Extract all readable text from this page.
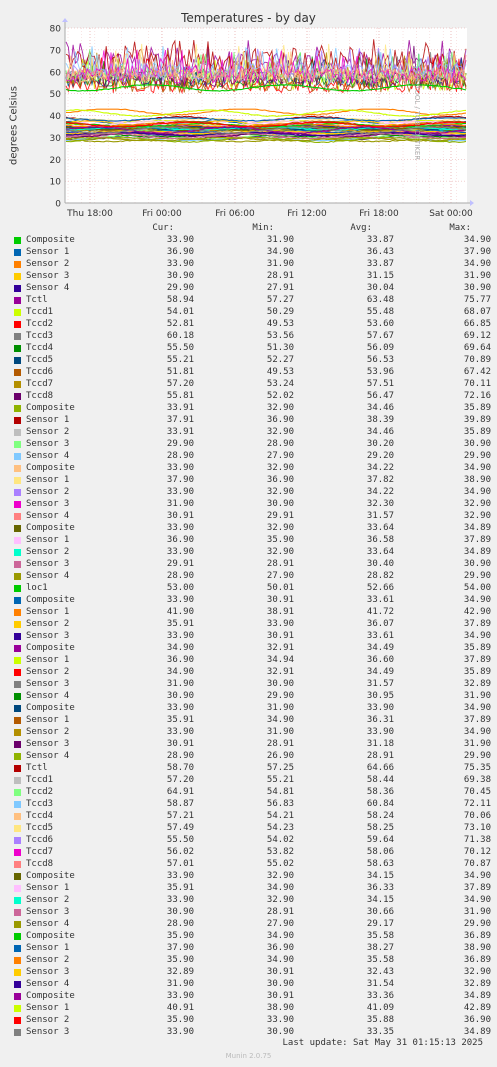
0
10
20
30
40
50
60
70
80
Thu 18:00	Fri 00:00	Fri 06:00	Fri 12:00	Fri 18:00	Sat 00:00
Temperatures - by day
degrees Celsius	RRDTOOL / TOBI OETIKER
Cur:	Min:	Avg:	Max:
Composite	33.90	31.90	33.87	34.90
Sensor 1	36.90	34.90	36.43	37.90
Sensor 2	33.90	31.90	33.87	34.90
Sensor 3	30.90	28.91	31.15	31.90
Sensor 4	29.90	27.91	30.04	30.90
Tctl	58.94	57.27	63.48	75.77
Tccd1	54.01	50.29	55.48	68.07
Tccd2	52.81	49.53	53.60	66.85
Tccd3	60.18	53.56	57.67	69.12
Tccd4	55.50	51.30	56.09	69.64
Tccd5	55.21	52.27	56.53	70.89
Tccd6	51.81	49.53	53.96	67.42
Tccd7	57.20	53.24	57.51	70.11
Tccd8	55.81	52.02	56.47	72.16
Composite	33.91	32.90	34.46	35.89
Sensor 1	37.91	36.90	38.39	39.89
Sensor 2	33.91	32.90	34.46	35.89
Sensor 3	29.90	28.90	30.20	30.90
Sensor 4	28.90	27.90	29.20	29.90
Composite	33.90	32.90	34.22	34.90
Sensor 1	37.90	36.90	37.82	38.90
Sensor 2	33.90	32.90	34.22	34.90
Sensor 3	31.90	30.90	32.30	32.90
Sensor 4	30.91	29.91	31.57	32.90
Composite	33.90	32.90	33.64	34.89
Sensor 1	36.90	35.90	36.58	37.89
Sensor 2	33.90	32.90	33.64	34.89
Sensor 3	29.91	28.91	30.40	30.90
Sensor 4	28.90	27.90	28.82	29.90
loc1	53.00	50.01	52.66	54.00
Composite	33.90	30.91	33.61	34.90
Sensor 1	41.90	38.91	41.72	42.90
Sensor 2	35.91	33.90	36.07	37.89
Sensor 3	33.90	30.91	33.61	34.90
Composite	34.90	32.91	34.49	35.89
Sensor 1	36.90	34.94	36.60	37.89
Sensor 2	34.90	32.91	34.49	35.89
Sensor 3	31.90	30.90	31.57	32.89
Sensor 4	30.90	29.90	30.95	31.90
Composite	33.90	31.90	33.90	34.90
Sensor 1	35.91	34.90	36.31	37.89
Sensor 2	33.90	31.90	33.90	34.90
Sensor 3	30.91	28.91	31.18	31.90
Sensor 4	28.90	26.90	28.91	29.90
Tctl	58.70	57.25	64.66	75.35
Tccd1	57.20	55.21	58.44	69.38
Tccd2	64.91	54.81	58.36	70.45
Tccd3	58.87	56.83	60.84	72.11
Tccd4	57.21	54.21	58.24	70.06
Tccd5	57.49	54.23	58.25	73.10
Tccd6	55.50	54.02	59.64	71.38
Tccd7	56.02	53.82	58.06	70.12
Tccd8	57.01	55.02	58.63	70.87
Composite	33.90	32.90	34.15	34.90
Sensor 1	35.91	34.90	36.33	37.89
Sensor 2	33.90	32.90	34.15	34.90
Sensor 3	30.90	28.91	30.66	31.90
Sensor 4	28.90	27.90	29.17	29.90
Composite	35.90	34.90	35.58	36.89
Sensor 1	37.90	36.90	38.27	38.90
Sensor 2	35.90	34.90	35.58	36.89
Sensor 3	32.89	30.91	32.43	32.90
Sensor 4	31.90	30.90	31.54	32.89
Composite	33.90	30.91	33.36	34.89
Sensor 1	40.91	38.90	41.09	42.89
Sensor 2	35.90	33.90	35.88	36.90
Sensor 3	33.90	30.90	33.35	34.89
Last update: Sat May 31 01:15:13 2025
Munin 2.0.75
